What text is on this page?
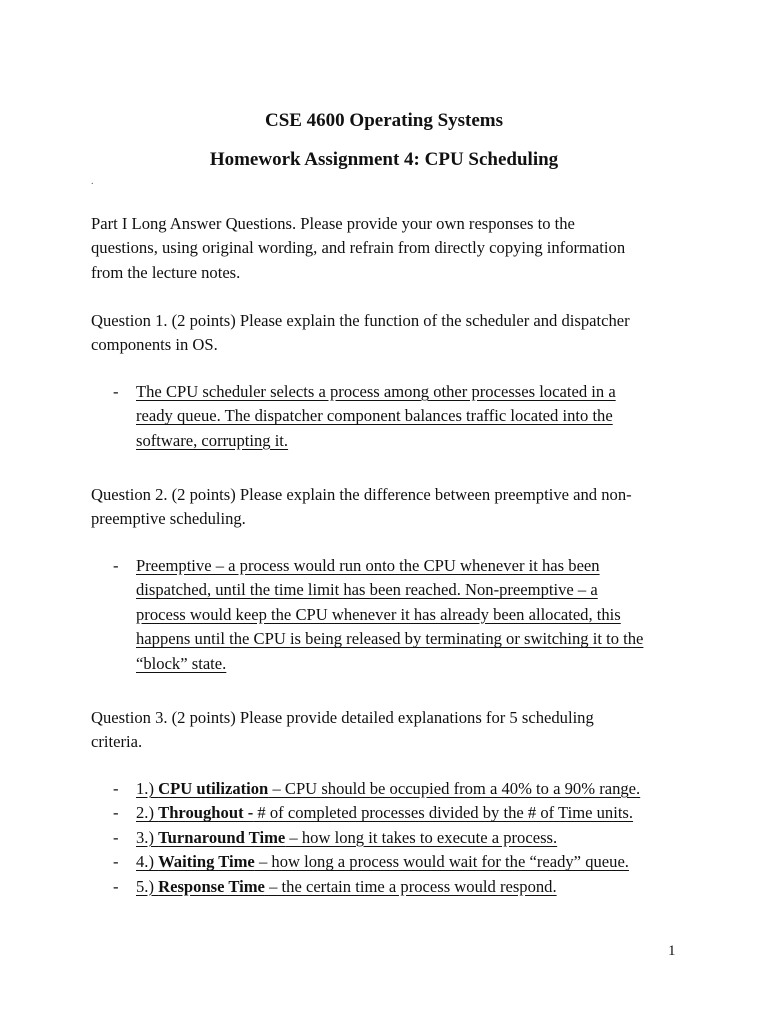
CSE 4600 Operating Systems
Homework Assignment 4: CPU Scheduling
.
Part I Long Answer Questions. Please provide your own responses to the
questions, using original wording, and refrain from directly copying information
from the lecture notes.
Question 1. (2 points) Please explain the function of the scheduler and dispatcher
components in OS.
- The CPU scheduler selects a process among other processes located in a
ready queue. The dispatcher component balances traffic located into the
software, corrupting it.
Question 2. (2 points) Please explain the difference between preemptive and non-
preemptive scheduling.
- Preemptive – a process would run onto the CPU whenever it has been
dispatched, until the time limit has been reached. Non-preemptive – a
process would keep the CPU whenever it has already been allocated, this
happens until the CPU is being released by terminating or switching it to the
“block” state.
Question 3. (2 points) Please provide detailed explanations for 5 scheduling
criteria.
- 1.) CPU utilization – CPU should be occupied from a 40% to a 90% range.
- 2.) Throughout - # of completed processes divided by the # of Time units.
- 3.) Turnaround Time – how long it takes to execute a process.
- 4.) Waiting Time – how long a process would wait for the “ready” queue.
- 5.) Response Time – the certain time a process would respond.
1
